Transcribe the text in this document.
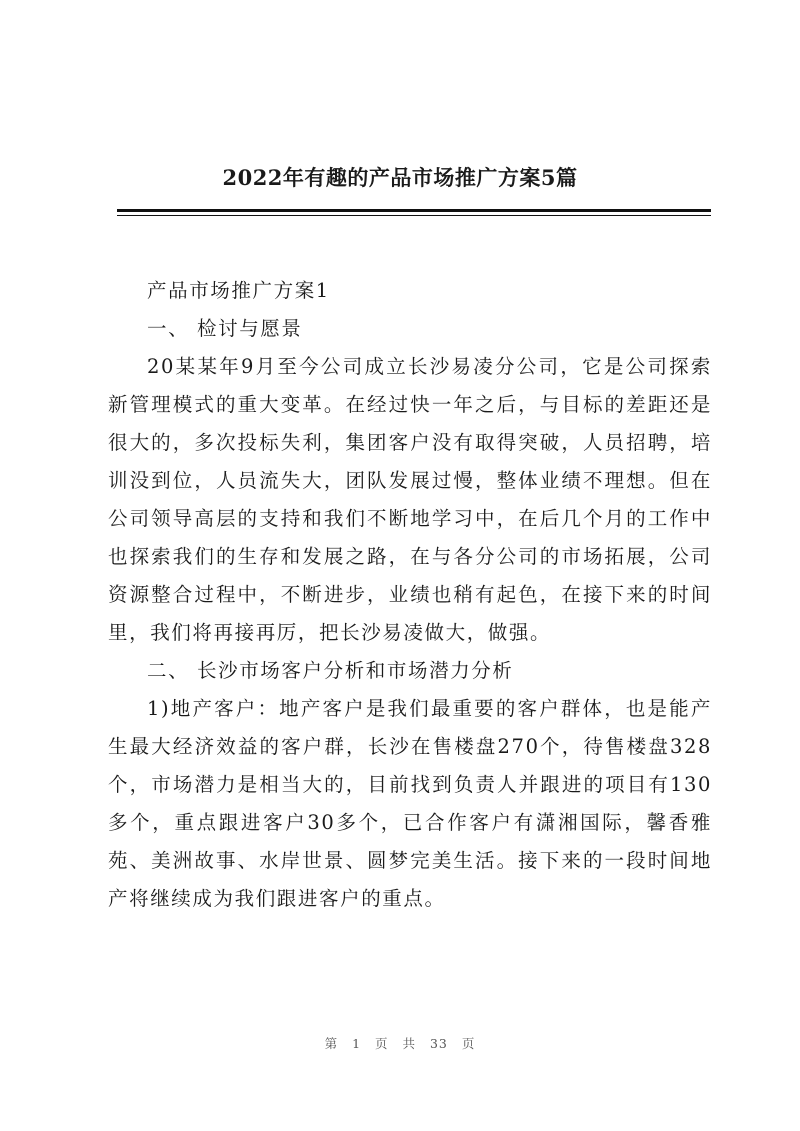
2022年有趣的产品市场推广方案5篇

产品市场推广方案1

一、 检讨与愿景

20某某年9月至今公司成立长沙易凌分公司，它是公司探索新管理模式的重大变革。在经过快一年之后，与目标的差距还是很大的，多次投标失利，集团客户没有取得突破，人员招聘，培训没到位，人员流失大，团队发展过慢，整体业绩不理想。但在公司领导高层的支持和我们不断地学习中，在后几个月的工作中也探索我们的生存和发展之路，在与各分公司的市场拓展，公司资源整合过程中，不断进步，业绩也稍有起色，在接下来的时间里，我们将再接再厉，把长沙易凌做大，做强。

二、 长沙市场客户分析和市场潜力分析

1)地产客户：地产客户是我们最重要的客户群体，也是能产生最大经济效益的客户群，长沙在售楼盘270个，待售楼盘328个，市场潜力是相当大的，目前找到负责人并跟进的项目有130多个，重点跟进客户30多个，已合作客户有潇湘国际，馨香雅苑、美洲故事、水岸世景、圆梦完美生活。接下来的一段时间地产将继续成为我们跟进客户的重点。

第 1 页 共 33 页
